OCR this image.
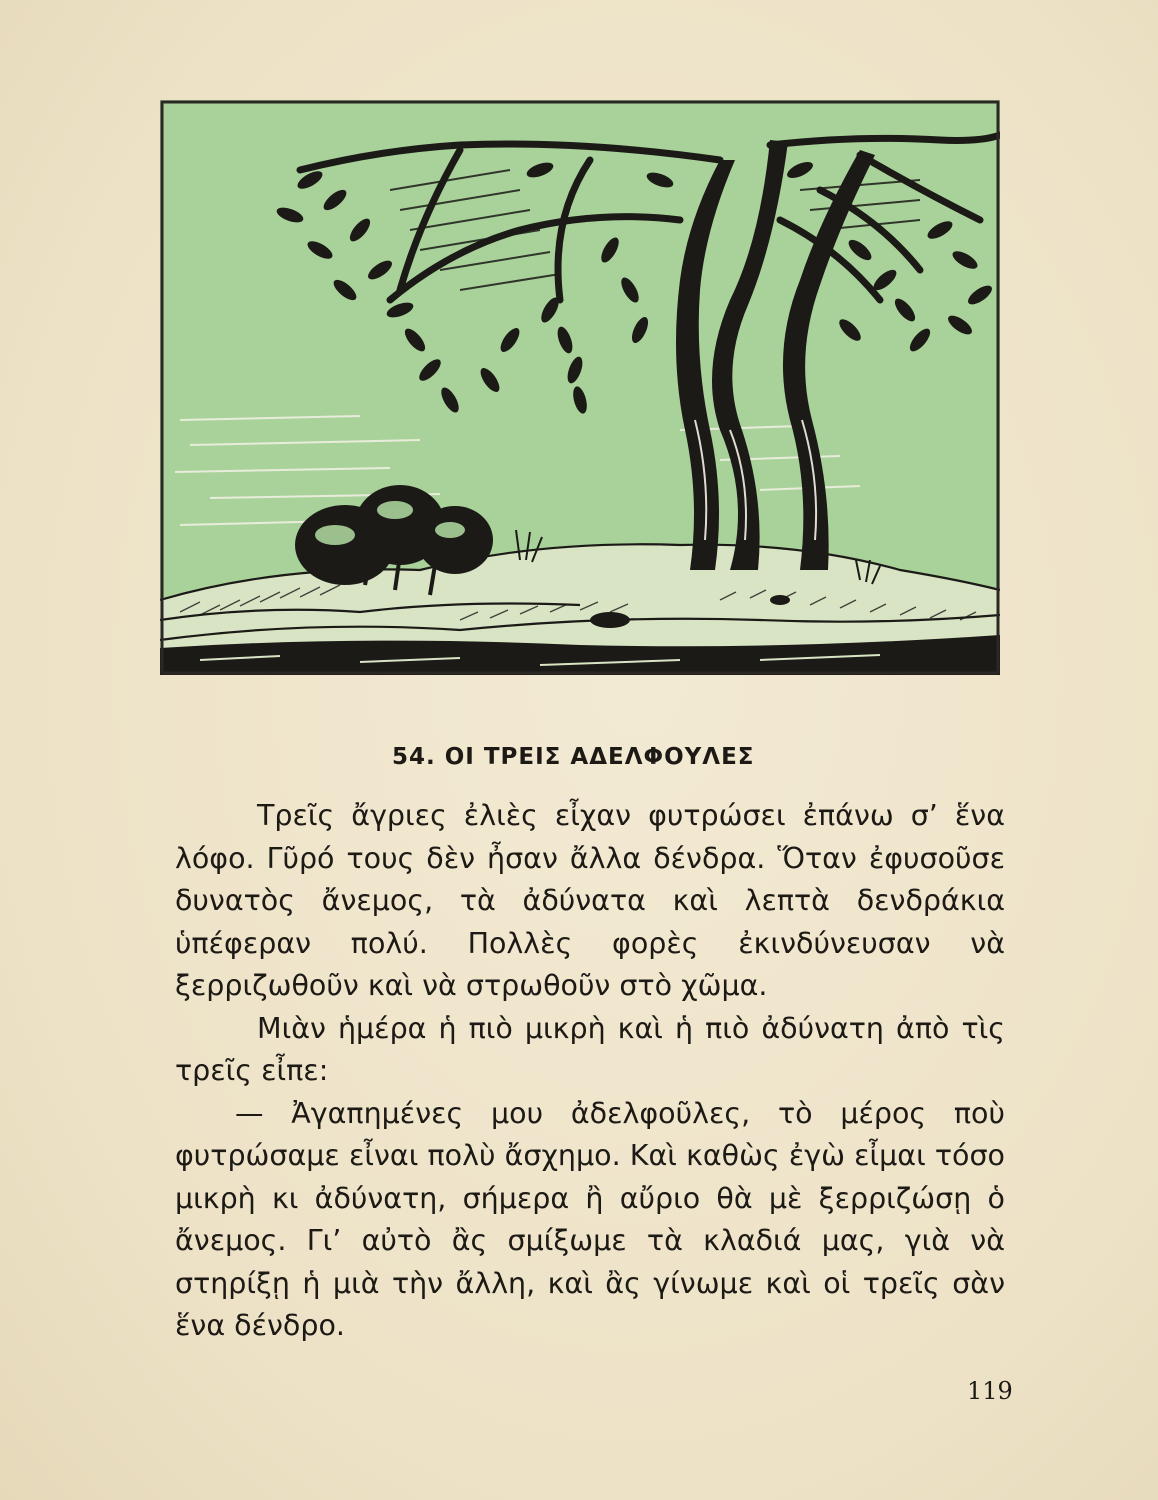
54. ΟΙ ΤΡΕΙΣ ΑΔΕΛΦΟΥΛΕΣ

Τρεῖς ἄγριες ἐλιὲς εἶχαν φυτρώσει ἐπάνω σ’ ἕνα λόφο. Γῦρό τους δὲν ἦσαν ἄλλα δένδρα. Ὅταν ἐφυσοῦσε δυνατὸς ἄνεμος, τὰ ἀδύνατα καὶ λεπτὰ δενδράκια ὑπέφεραν πολύ. Πολλὲς φορὲς ἐκινδύνευσαν νὰ ξερριζωθοῦν καὶ νὰ στρωθοῦν στὸ χῶμα.

Μιὰν ἡμέρα ἡ πιὸ μικρὴ καὶ ἡ πιὸ ἀδύνατη ἀπὸ τὶς τρεῖς εἶπε:

— Ἀγαπημένες μου ἀδελφοῦλες, τὸ μέρος ποὺ φυτρώσαμε εἶναι πολὺ ἄσχημο. Καὶ καθὼς ἐγὼ εἶμαι τόσο μικρὴ κι ἀδύνατη, σήμερα ἢ αὔριο θὰ μὲ ξερριζώσῃ ὁ ἄνεμος. Γι’ αὐτὸ ἂς σμίξωμε τὰ κλαδιά μας, γιὰ νὰ στηρίξῃ ἡ μιὰ τὴν ἄλλη, καὶ ἂς γίνωμε καὶ οἱ τρεῖς σὰν ἕνα δένδρο.

119
